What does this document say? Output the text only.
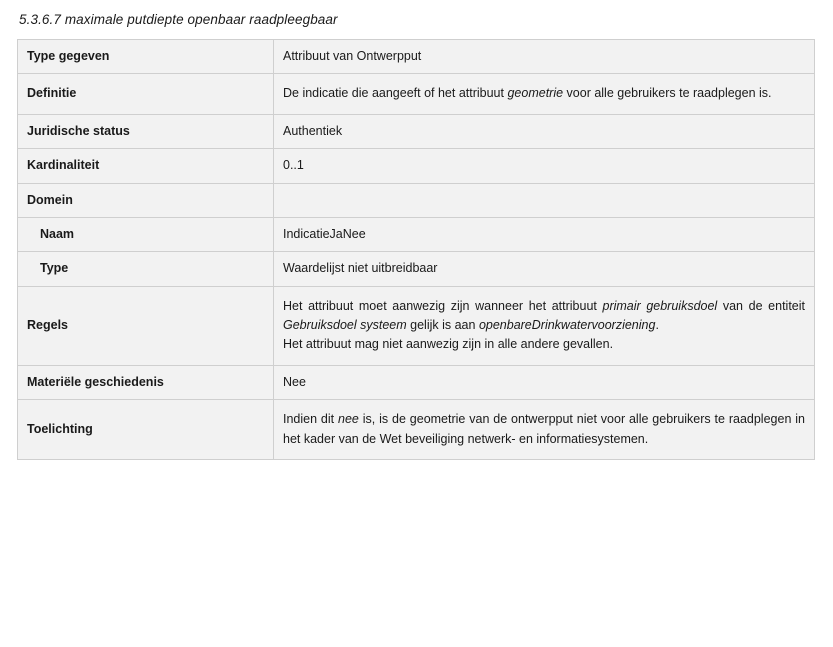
5.3.6.7 maximale putdiepte openbaar raadpleegbaar
Type gegeven	Attribuut van Ontwerpput
Definitie	De indicatie die aangeeft of het attribuut geometrie voor alle gebruikers te raadplegen is.
Juridische status	Authentiek
Kardinaliteit	0..1
Domein	
Naam	IndicatieJaNee
Type	Waardelijst niet uitbreidbaar
Regels	Het attribuut moet aanwezig zijn wanneer het attribuut primair gebruiksdoel van de entiteit Gebruiksdoel systeem gelijk is aan openbareDrinkwatervoorziening.
Het attribuut mag niet aanwezig zijn in alle andere gevallen.

Materiële geschiedenis	Nee
Toelichting	Indien dit nee is, is de geometrie van de ontwerpput niet voor alle gebruikers te raadplegen in het kader van de Wet beveiliging netwerk- en informatiesystemen.
